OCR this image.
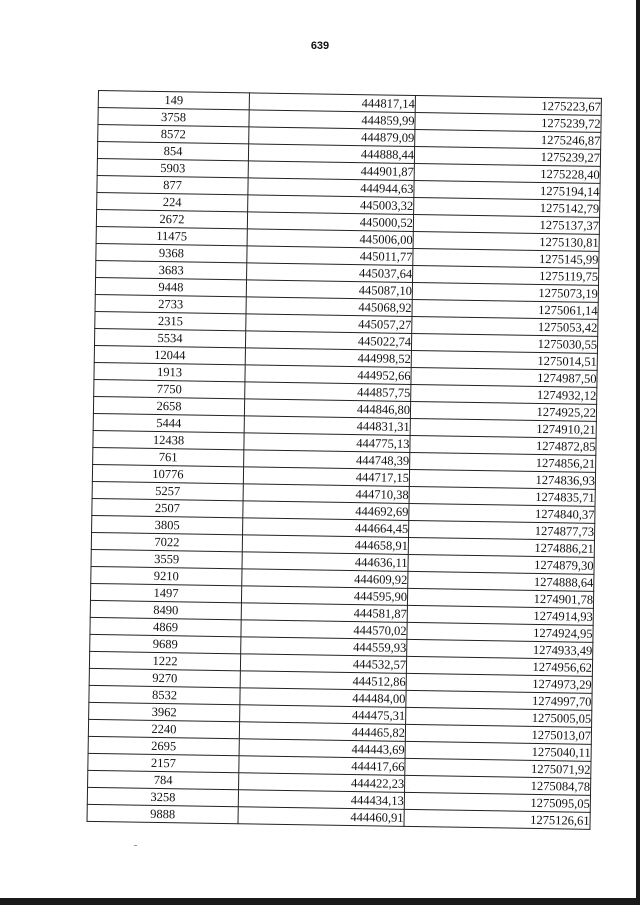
639
149	444817,14	1275223,67
3758	444859,99	1275239,72
8572	444879,09	1275246,87
854	444888,44	1275239,27
5903	444901,87	1275228,40
877	444944,63	1275194,14
224	445003,32	1275142,79
2672	445000,52	1275137,37
11475	445006,00	1275130,81
9368	445011,77	1275145,99
3683	445037,64	1275119,75
9448	445087,10	1275073,19
2733	445068,92	1275061,14
2315	445057,27	1275053,42
5534	445022,74	1275030,55
12044	444998,52	1275014,51
1913	444952,66	1274987,50
7750	444857,75	1274932,12
2658	444846,80	1274925,22
5444	444831,31	1274910,21
12438	444775,13	1274872,85
761	444748,39	1274856,21
10776	444717,15	1274836,93
5257	444710,38	1274835,71
2507	444692,69	1274840,37
3805	444664,45	1274877,73
7022	444658,91	1274886,21
3559	444636,11	1274879,30
9210	444609,92	1274888,64
1497	444595,90	1274901,78
8490	444581,87	1274914,93
4869	444570,02	1274924,95
9689	444559,93	1274933,49
1222	444532,57	1274956,62
9270	444512,86	1274973,29
8532	444484,00	1274997,70
3962	444475,31	1275005,05
2240	444465,82	1275013,07
2695	444443,69	1275040,11
2157	444417,66	1275071,92
784	444422,23	1275084,78
3258	444434,13	1275095,05
9888	444460,91	1275126,61
